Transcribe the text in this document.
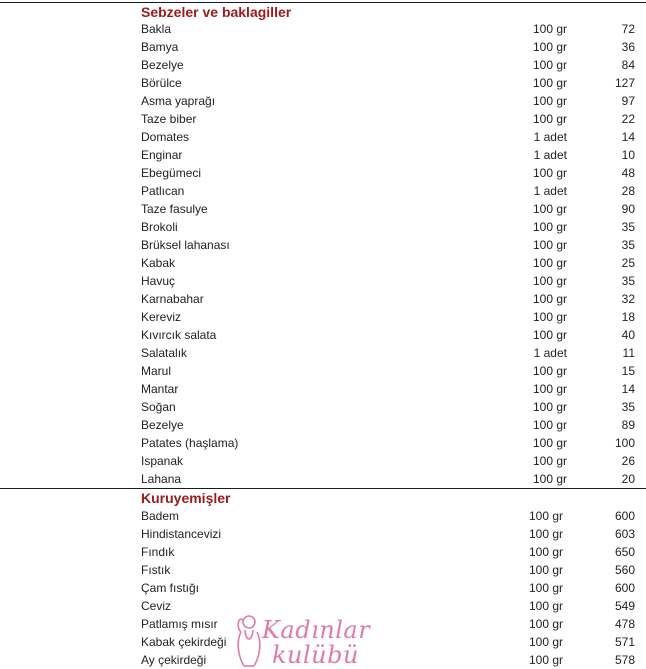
Sebzeler ve baklagiller
Bakla	100 gr	72
Bamya	100 gr	36
Bezelye	100 gr	84
Börülce	100 gr	127
Asma yaprağı	100 gr	97
Taze biber	100 gr	22
Domates	1 adet	14
Enginar	1 adet	10
Ebegümeci	100 gr	48
Patlıcan	1 adet	28
Taze fasulye	100 gr	90
Brokoli	100 gr	35
Brüksel lahanası	100 gr	35
Kabak	100 gr	25
Havuç	100 gr	35
Karnabahar	100 gr	32
Kereviz	100 gr	18
Kıvırcık salata	100 gr	40
Salatalık	1 adet	11
Marul	100 gr	15
Mantar	100 gr	14
Soğan	100 gr	35
Bezelye	100 gr	89
Patates (haşlama)	100 gr	100
Ispanak	100 gr	26
Lahana	100 gr	20
Kuruyemişler
Badem	100 gr	600
Hindistancevizi	100 gr	603
Fındık	100 gr	650
Fıstık	100 gr	560
Çam fıstığı	100 gr	600
Ceviz	100 gr	549
Patlamış mısır	100 gr	478
Kabak çekirdeği	100 gr	571
Ay çekirdeği	100 gr	578
Kadınlar
kulübü
